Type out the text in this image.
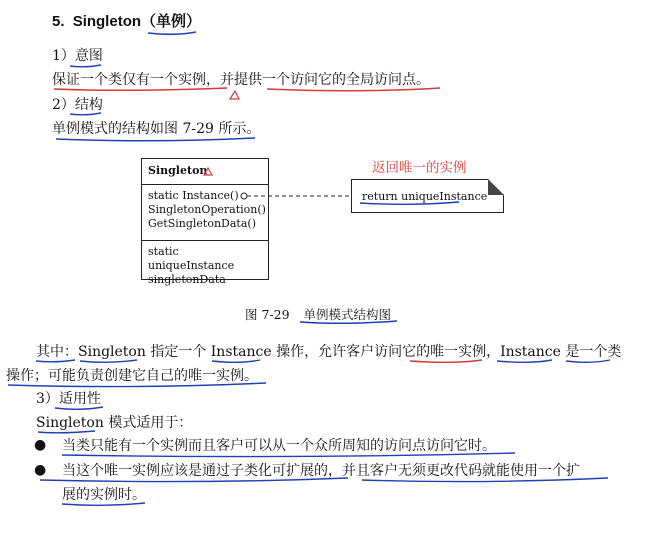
5. Singleton（单例）
1）意图
保证一个类仅有一个实例，并提供一个访问它的全局访问点。
2）结构
单例模式的结构如图 7-29 所示。
Singleton
static Instance()
SingletonOperation()
GetSingletonData()
static uniqueInstance
singletonData
return uniqueInstance
返回唯一的实例
图 7-29 单例模式结构图
其中：Singleton 指定一个 Instance 操作，允许客户访问它的唯一实例，Instance 是一个类
操作；可能负责创建它自己的唯一实例。
3）适用性
Singleton 模式适用于：
● 当类只能有一个实例而且客户可以从一个众所周知的访问点访问它时。
● 当这个唯一实例应该是通过子类化可扩展的，并且客户无须更改代码就能使用一个扩
展的实例时。
